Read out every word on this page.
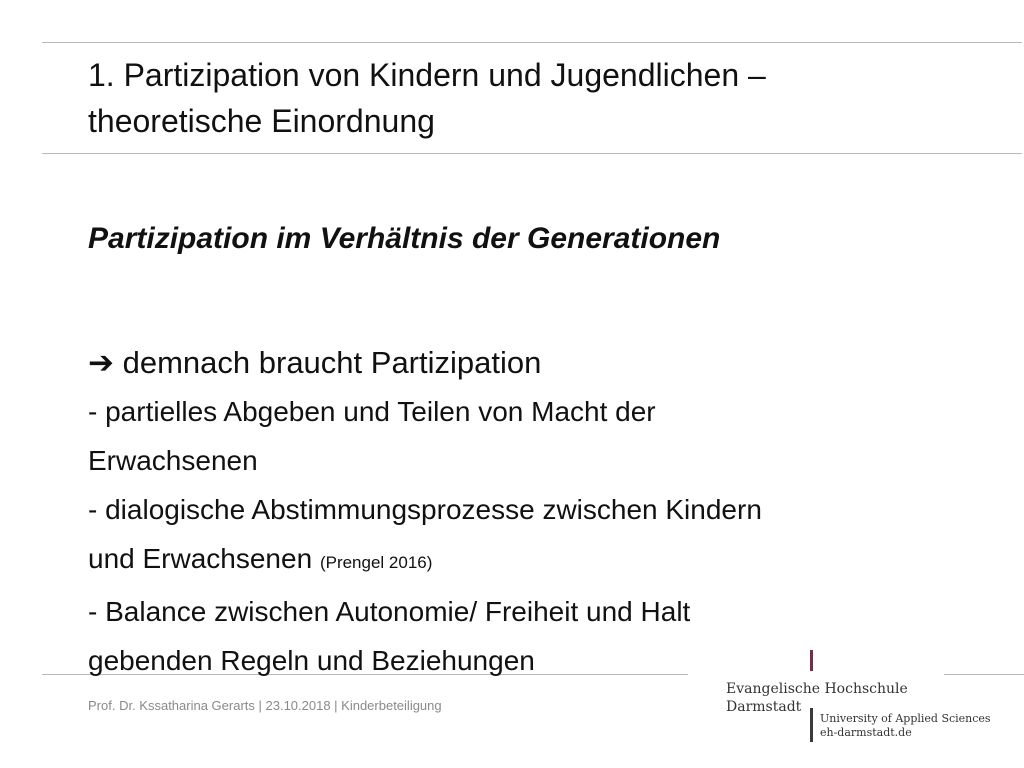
1. Partizipation von Kindern und Jugendlichen –
theoretische Einordnung
Partizipation im Verhältnis der Generationen
➔ demnach braucht Partizipation
- partielles Abgeben und Teilen von Macht der
Erwachsenen
- dialogische Abstimmungsprozesse zwischen Kindern
und Erwachsenen (Prengel 2016)
- Balance zwischen Autonomie/ Freiheit und Halt
gebenden Regeln und Beziehungen
Prof. Dr. Kssatharina Gerarts | 23.10.2018 | Kinderbeteiligung
Evangelische Hochschule
Darmstadt
University of Applied Sciences
eh-darmstadt.de
